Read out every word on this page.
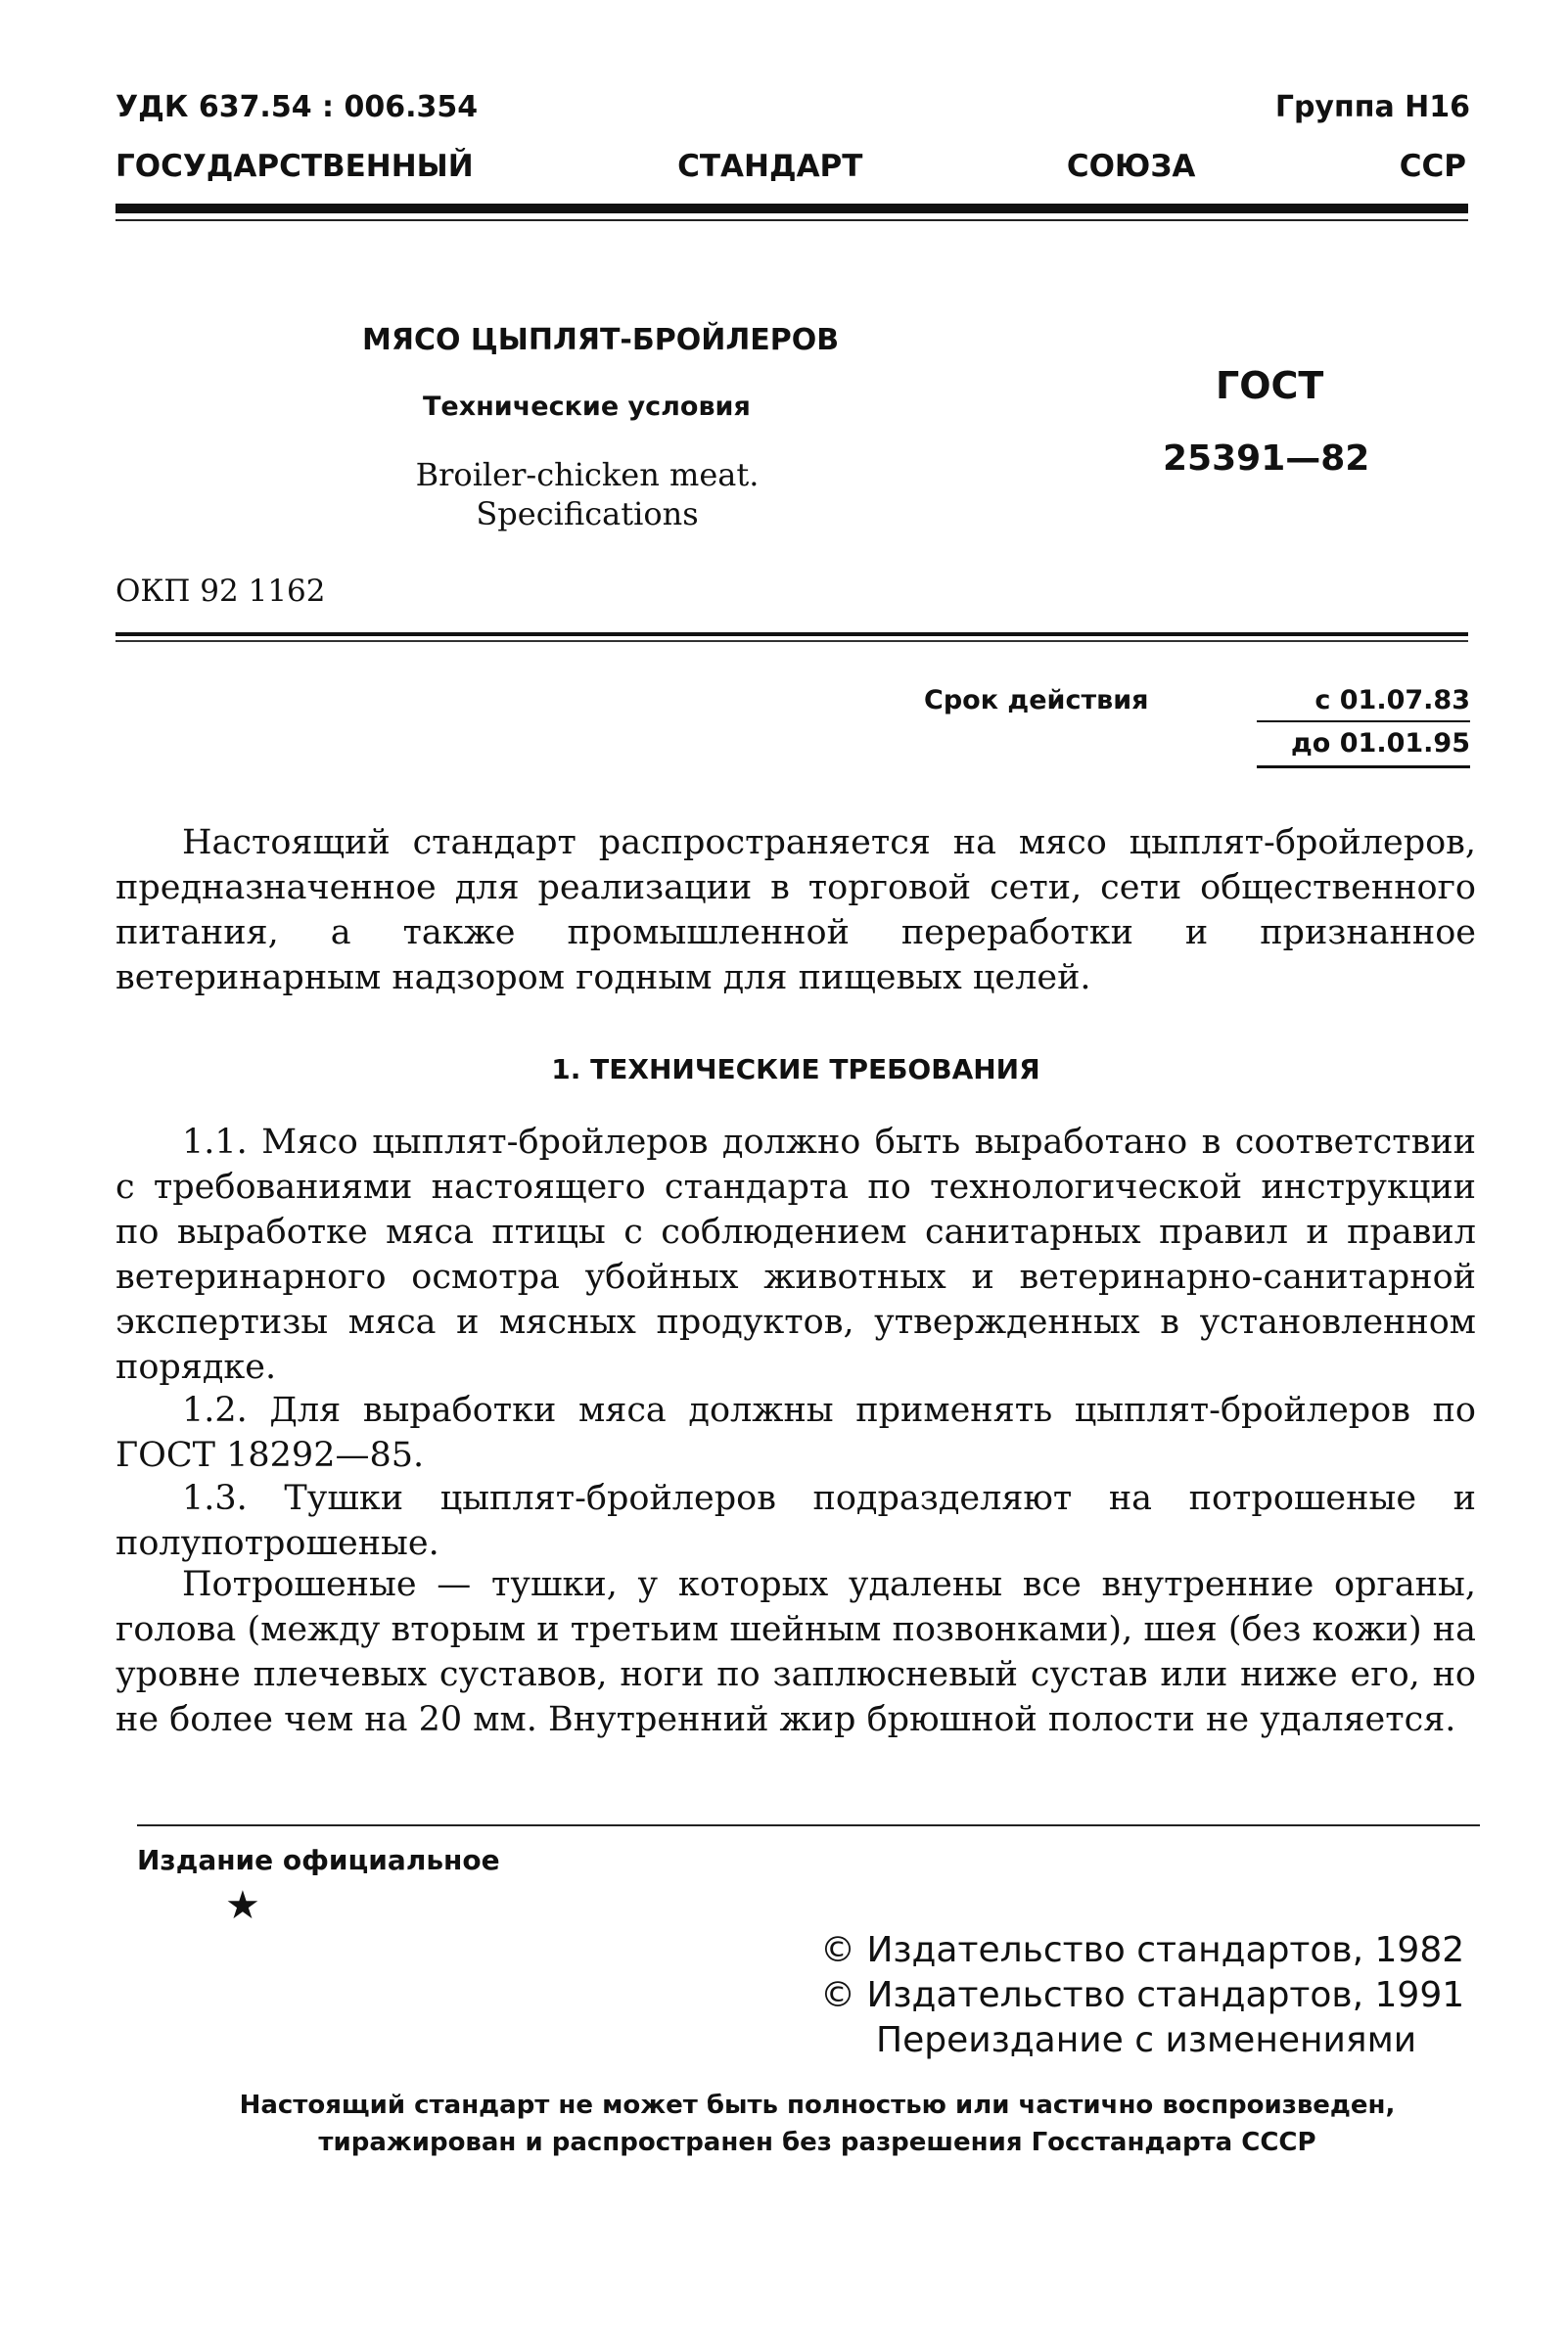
УДК 637.54 : 006.354	Группа Н16
ГОСУДАРСТВЕННЫЙ	СТАНДАРТ	СОЮЗА	ССР
МЯСО ЦЫПЛЯТ-БРОЙЛЕРОВ
Технические условия
Broiler-chicken meat.
Specifications
ГОСТ
25391—82
ОКП 92 1162
Срок действия	с 01.07.83
до 01.01.95
Настоящий стандарт распространяется на мясо цыплят-бройлеров, предназначенное для реализации в торговой сети, сети общественного питания, а также промышленной переработки и признанное ветеринарным надзором годным для пищевых целей.
1. ТЕХНИЧЕСКИЕ ТРЕБОВАНИЯ
1.1. Мясо цыплят-бройлеров должно быть выработано в соответствии с требованиями настоящего стандарта по технологической инструкции по выработке мяса птицы с соблюдением санитарных правил и правил ветеринарного осмотра убойных животных и ветеринарно-санитарной экспертизы мяса и мясных продуктов, утвержденных в установленном порядке.
1.2. Для выработки мяса должны применять цыплят-бройлеров по ГОСТ 18292—85.
1.3. Тушки цыплят-бройлеров подразделяют на потрошеные и полупотрошеные.
Потрошеные — тушки, у которых удалены все внутренние органы, голова (между вторым и третьим шейным позвонками), шея (без кожи) на уровне плечевых суставов, ноги по заплюсневый сустав или ниже его, но не более чем на 20 мм. Внутренний жир брюшной полости не удаляется.
Издание официальное
★
© Издательство стандартов, 1982
© Издательство стандартов, 1991
Переиздание с изменениями
Настоящий стандарт не может быть полностью или частично воспроизведен,
тиражирован и распространен без разрешения Госстандарта СССР
